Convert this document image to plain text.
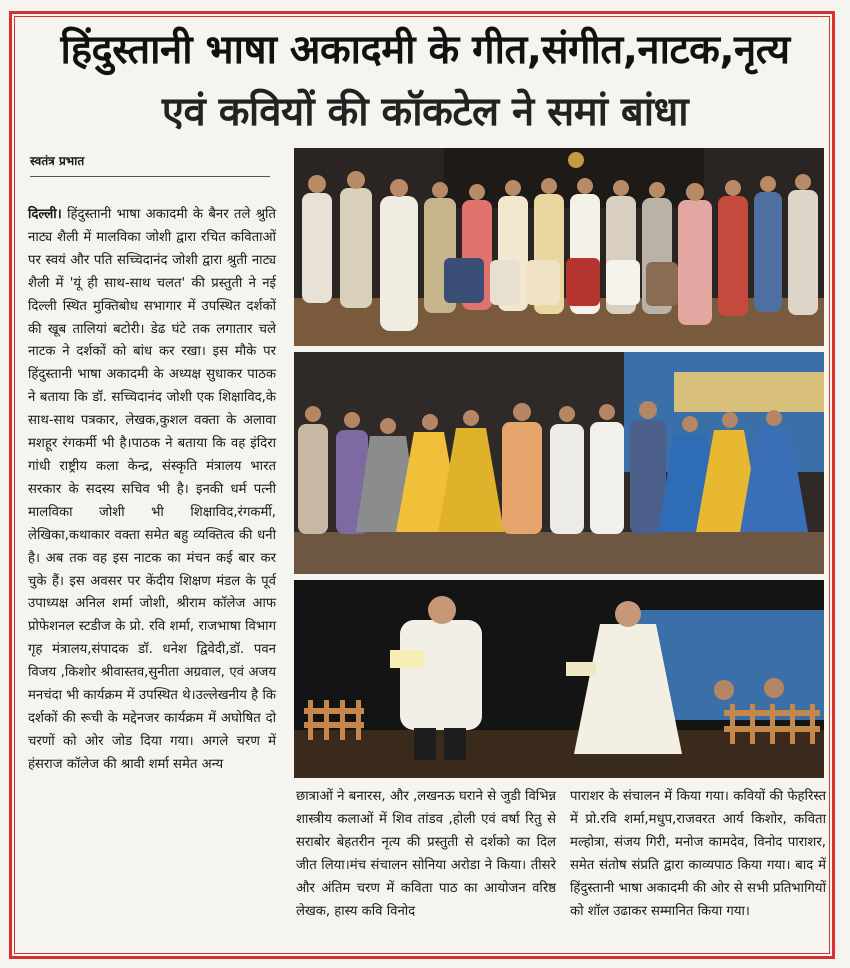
हिंदुस्तानी भाषा अकादमी के गीत,संगीत,नाटक,नृत्य
एवं कवियों की कॉकटेल ने समां बांधा
स्वतंत्र प्रभात

दिल्ली। हिंदुस्तानी भाषा अकादमी के बैनर तले श्रुति नाट्य शैली में मालविका जोशी द्वारा रचित कविताओं पर स्वयं और पति सच्चिदानंद जोशी द्वारा श्रुती नाट्य शैली में 'यूं ही साथ-साथ चलत' की प्रस्तुती ने नई दिल्ली स्थित मुक्तिबोध सभागार में उपस्थित दर्शकों की खूब तालियां बटोरी। डेढ घंटे तक लगातार चले नाटक ने दर्शकों को बांध कर रखा। इस मौके पर हिंदुस्तानी भाषा अकादमी के अध्यक्ष सुधाकर पाठक ने बताया कि डॉ. सच्चिदानंद जोशी एक शिक्षाविद,के साथ-साथ पत्रकार, लेखक,कुशल वक्ता के अलावा मशहूर रंगकर्मी भी है।पाठक ने बताया कि वह इंदिरा गांधी राष्ट्रीय कला केन्द्र, संस्कृति मंत्रालय भारत सरकार के सदस्य सचिव भी है। इनकी धर्म पत्नी मालविका जोशी भी शिक्षाविद,रंगकर्मी, लेखिका,कथाकार वक्ता समेत बहु व्यक्तित्व की धनी है। अब तक वह इस नाटक का मंचन कई बार कर चुके हैं। इस अवसर पर केंदीय शिक्षण मंडल के पूर्व उपाध्यक्ष अनिल शर्मा जोशी, श्रीराम कॉलेज आफ प्रोफेशनल स्टडीज के प्रो. रवि शर्मा, राजभाषा विभाग गृह मंत्रालय,संपादक डॉ. धनेश द्विवेदी,डॉ. पवन विजय ,किशोर श्रीवास्तव,सुनीता अग्रवाल, एवं अजय मनचंदा भी कार्यक्रम में उपस्थित थे।उल्लेखनीय है कि दर्शकों की रूची के मद्देनजर कार्यक्रम में अघोषित दो चरणों को ओर जोड दिया गया। अगले चरण में हंसराज कॉलेज की श्रावी शर्मा समेत अन्य

छात्राओं ने बनारस, और ,लखनऊ घराने से जुडी विभिन्न शास्त्रीय कलाओं में शिव तांडव ,होली एवं वर्षा रितु से सराबोर बेहतरीन नृत्य की प्रस्तुती से दर्शको का दिल जीत लिया।मंच संचालन सोनिया अरोडा ने किया। तीसरे और अंतिम चरण में कविता पाठ का आयोजन वरिष्ठ लेखक, हास्य कवि विनोद

पाराशर के संचालन में किया गया। कवियों की फेहरिस्त में प्रो.रवि शर्मा,मधुप,राजवरत आर्य किशोर, कविता मल्होत्रा, संजय गिरी, मनोज कामदेव, विनोद पाराशर, समेत संतोष संप्रति द्वारा काव्यपाठ किया गया। बाद में हिंदुस्तानी भाषा अकादमी की ओर से सभी प्रतिभागियों को शॉल उढाकर सम्मानित किया गया।
